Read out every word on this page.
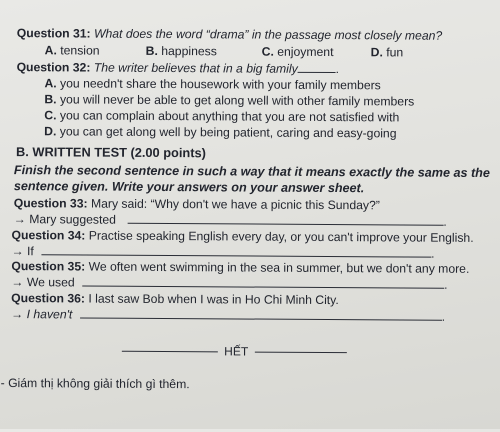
Question 31: What does the word “drama” in the passage most closely mean?
A. tension	B. happiness	C. enjoyment	D. fun
Question 32: The writer believes that in a big family	.
A. you needn't share the housework with your family members
B. you will never be able to get along well with other family members
C. you can complain about anything that you are not satisfied with
D. you can get along well by being patient, caring and easy-going
B. WRITTEN TEST (2.00 points)
Finish the second sentence in such a way that it means exactly the same as the
sentence given. Write your answers on your answer sheet.
Question 33: Mary said: “Why don't we have a picnic this Sunday?”
→ Mary suggested	.
Question 34: Practise speaking English every day, or you can't improve your English.
→ If	.
Question 35: We often went swimming in the sea in summer, but we don't any more.
→ We used	.
Question 36: I last saw Bob when I was in Ho Chi Minh City.
→ I haven't	.
HẾT
- Giám thị không giải thích gì thêm.
